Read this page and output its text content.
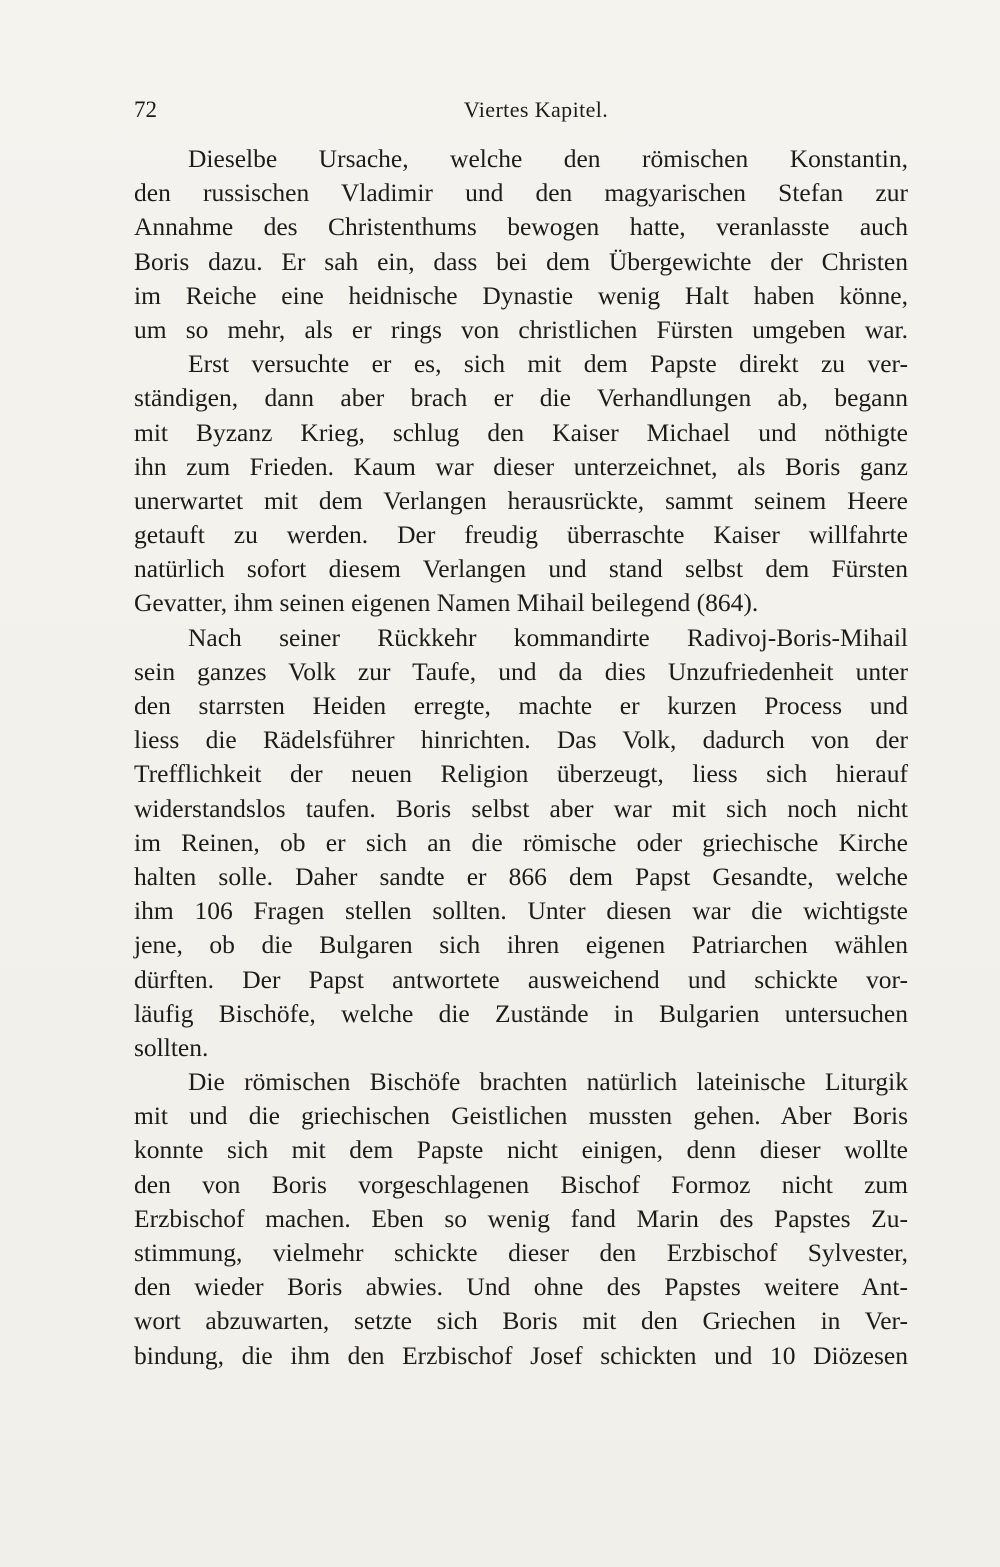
72	Viertes Kapitel.
Dieselbe Ursache, welche den römischen Konstantin,
den russischen Vladimir und den magyarischen Stefan zur
Annahme des Christenthums bewogen hatte, veranlasste auch
Boris dazu. Er sah ein, dass bei dem Übergewichte der Christen
im Reiche eine heidnische Dynastie wenig Halt haben könne,
um so mehr, als er rings von christlichen Fürsten umgeben war.
Erst versuchte er es, sich mit dem Papste direkt zu ver-
ständigen, dann aber brach er die Verhandlungen ab, begann
mit Byzanz Krieg, schlug den Kaiser Michael und nöthigte
ihn zum Frieden. Kaum war dieser unterzeichnet, als Boris ganz
unerwartet mit dem Verlangen herausrückte, sammt seinem Heere
getauft zu werden. Der freudig überraschte Kaiser willfahrte
natürlich sofort diesem Verlangen und stand selbst dem Fürsten
Gevatter, ihm seinen eigenen Namen Mihail beilegend (864).
Nach seiner Rückkehr kommandirte Radivoj-Boris-Mihail
sein ganzes Volk zur Taufe, und da dies Unzufriedenheit unter
den starrsten Heiden erregte, machte er kurzen Process und
liess die Rädelsführer hinrichten. Das Volk, dadurch von der
Trefflichkeit der neuen Religion überzeugt, liess sich hierauf
widerstandslos taufen. Boris selbst aber war mit sich noch nicht
im Reinen, ob er sich an die römische oder griechische Kirche
halten solle. Daher sandte er 866 dem Papst Gesandte, welche
ihm 106 Fragen stellen sollten. Unter diesen war die wichtigste
jene, ob die Bulgaren sich ihren eigenen Patriarchen wählen
dürften. Der Papst antwortete ausweichend und schickte vor-
läufig Bischöfe, welche die Zustände in Bulgarien untersuchen
sollten.
Die römischen Bischöfe brachten natürlich lateinische Liturgik
mit und die griechischen Geistlichen mussten gehen. Aber Boris
konnte sich mit dem Papste nicht einigen, denn dieser wollte
den von Boris vorgeschlagenen Bischof Formoz nicht zum
Erzbischof machen. Eben so wenig fand Marin des Papstes Zu-
stimmung, vielmehr schickte dieser den Erzbischof Sylvester,
den wieder Boris abwies. Und ohne des Papstes weitere Ant-
wort abzuwarten, setzte sich Boris mit den Griechen in Ver-
bindung, die ihm den Erzbischof Josef schickten und 10 Diözesen
